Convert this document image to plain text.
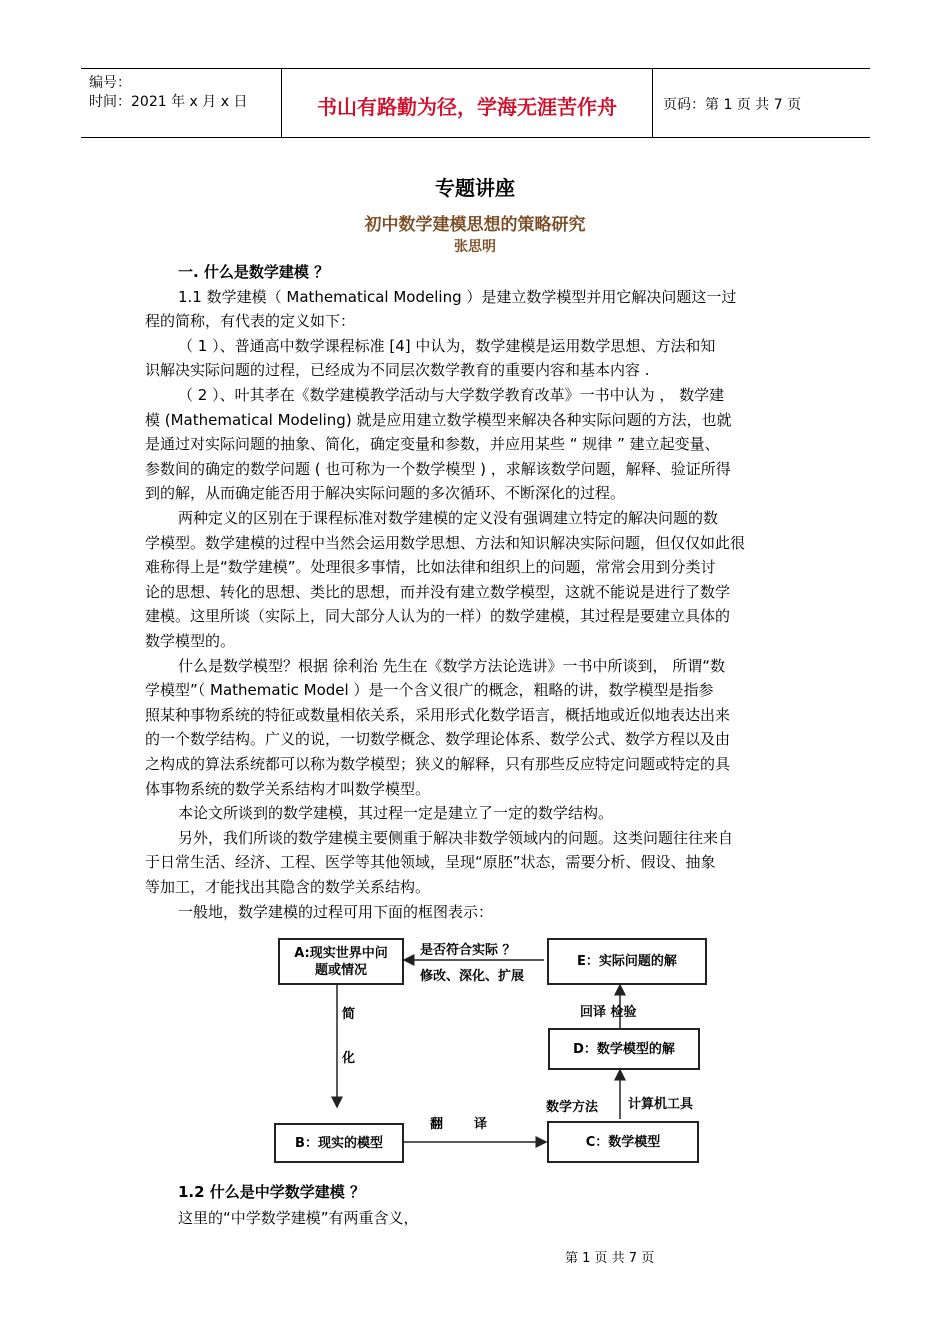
编号：
时间：2021 年 x 月 x 日	书山有路勤为径，学海无涯苦作舟	页码：第 1 页 共 7 页
专题讲座
初中数学建模思想的策略研究
张思明
一. 什么是数学建模 ？
1.1 数学建模（ Mathematical Modeling ）是建立数学模型并用它解决问题这一过
程的简称，有代表的定义如下：
（ 1 ）、普通高中数学课程标准 [4] 中认为，数学建模是运用数学思想、方法和知
识解决实际问题的过程，已经成为不同层次数学教育的重要内容和基本内容 .
（ 2 ）、叶其孝在《数学建模教学活动与大学数学教育改革》一书中认为 ， 数学建
模 (Mathematical Modeling) 就是应用建立数学模型来解决各种实际问题的方法，也就
是通过对实际问题的抽象、简化，确定变量和参数，并应用某些 “ 规律 ” 建立起变量、
参数间的确定的数学问题 ( 也可称为一个数学模型 ) ，求解该数学问题，解释、验证所得
到的解，从而确定能否用于解决实际问题的多次循环、不断深化的过程。
两种定义的区别在于课程标准对数学建模的定义没有强调建立特定的解决问题的数
学模型。数学建模的过程中当然会运用数学思想、方法和知识解决实际问题，但仅仅如此很
难称得上是“数学建模”。处理很多事情，比如法律和组织上的问题，常常会用到分类讨
论的思想、转化的思想、类比的思想，而并没有建立数学模型，这就不能说是进行了数学
建模。这里所谈（实际上，同大部分人认为的一样）的数学建模，其过程是要建立具体的
数学模型的。
什么是数学模型？根据 徐利治 先生在《数学方法论选讲》一书中所谈到， 所谓“数
学模型”（ Mathematic Model ）是一个含义很广的概念，粗略的讲，数学模型是指参
照某种事物系统的特征或数量相依关系，采用形式化数学语言，概括地或近似地表达出来
的一个数学结构。广义的说，一切数学概念、数学理论体系、数学公式、数学方程以及由
之构成的算法系统都可以称为数学模型；狭义的解释，只有那些反应特定问题或特定的具
体事物系统的数学关系结构才叫数学模型。
本论文所谈到的数学建模，其过程一定是建立了一定的数学结构。
另外，我们所谈的数学建模主要侧重于解决非数学领域内的问题。这类问题往往来自
于日常生活、经济、工程、医学等其他领域，呈现“原胚”状态，需要分析、假设、抽象
等加工，才能找出其隐含的数学关系结构。
一般地，数学建模的过程可用下面的框图表示：
A:现实世界中问
题或情况
E：实际问题的解
D：数学模型的解
B：现实的模型	C：数学模型
是否符合实际 ？
修改、深化、扩展
简
化
翻 译
回译 检验
数学方法 计算机工具
1.2 什么是中学数学建模 ？
这里的“中学数学建模”有两重含义，
第 1 页 共 7 页
